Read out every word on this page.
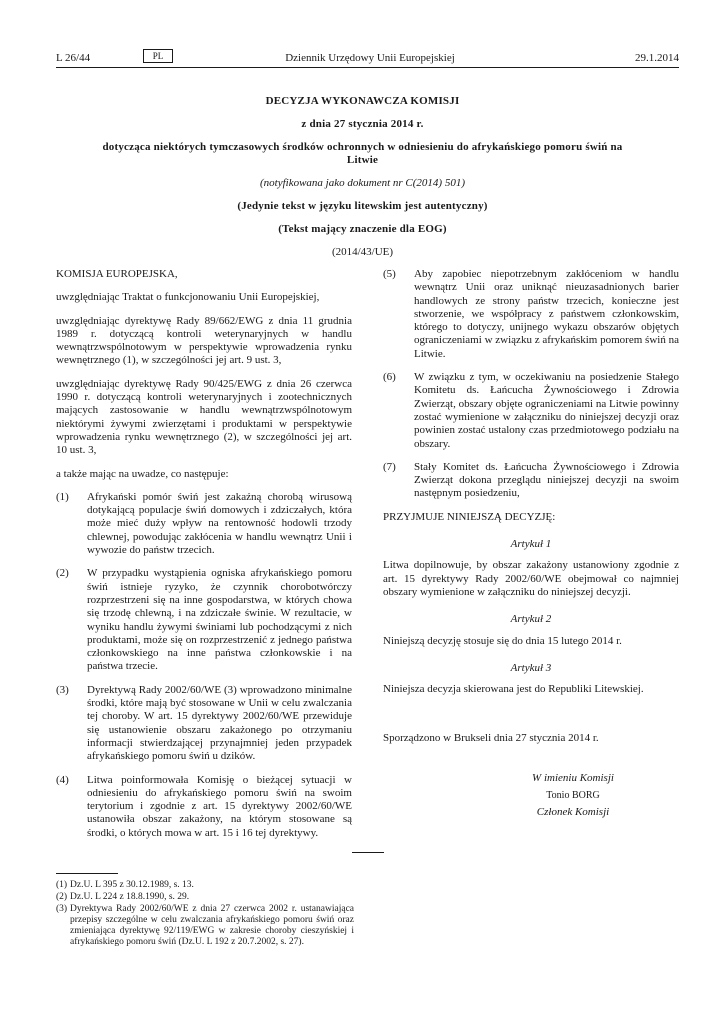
L 26/44	PL	Dziennik Urzędowy Unii Europejskiej	29.1.2014
DECYZJA WYKONAWCZA KOMISJI
z dnia 27 stycznia 2014 r.
dotycząca niektórych tymczasowych środków ochronnych w odniesieniu do afrykańskiego pomoru świń na Litwie
(notyfikowana jako dokument nr C(2014) 501)
(Jedynie tekst w języku litewskim jest autentyczny)
(Tekst mający znaczenie dla EOG)
(2014/43/UE)

KOMISJA EUROPEJSKA,

uwzględniając Traktat o funkcjonowaniu Unii Europejskiej,

uwzględniając dyrektywę Rady 89/662/EWG z dnia 11 grudnia 1989 r. dotyczącą kontroli weterynaryjnych w handlu wewnątrzwspólnotowym w perspektywie wprowadzenia rynku wewnętrznego (1), w szczególności jej art. 9 ust. 3,

uwzględniając dyrektywę Rady 90/425/EWG z dnia 26 czerwca 1990 r. dotyczącą kontroli weterynaryjnych i zootechnicznych mających zastosowanie w handlu wewnątrzwspólnotowym niektórymi żywymi zwierzętami i produktami w perspektywie wprowadzenia rynku wewnętrznego (2), w szczególności jej art. 10 ust. 3,

a także mając na uwadze, co następuje:

(1) Afrykański pomór świń jest zakaźną chorobą wirusową dotykającą populacje świń domowych i zdziczałych, która może mieć duży wpływ na rentowność hodowli trzody chlewnej, powodując zakłócenia w handlu wewnątrz Unii i wywozie do państw trzecich.
(2) W przypadku wystąpienia ogniska afrykańskiego pomoru świń istnieje ryzyko, że czynnik chorobotwórczy rozprzestrzeni się na inne gospodarstwa, w których chowa się trzodę chlewną, i na zdziczałe świnie. W rezultacie, w wyniku handlu żywymi świniami lub pochodzącymi z nich produktami, może się on rozprzestrzenić z jednego państwa członkowskiego na inne państwa członkowskie i na państwa trzecie.
(3) Dyrektywą Rady 2002/60/WE (3) wprowadzono minimalne środki, które mają być stosowane w Unii w celu zwalczania tej choroby. W art. 15 dyrektywy 2002/60/WE przewiduje się ustanowienie obszaru zakażonego po otrzymaniu informacji stwierdzającej przynajmniej jeden przypadek afrykańskiego pomoru świń u dzików.
(4) Litwa poinformowała Komisję o bieżącej sytuacji w odniesieniu do afrykańskiego pomoru świń na swoim terytorium i zgodnie z art. 15 dyrektywy 2002/60/WE ustanowiła obszar zakażony, na którym stosowane są środki, o których mowa w art. 15 i 16 tej dyrektywy.
(5) Aby zapobiec niepotrzebnym zakłóceniom w handlu wewnątrz Unii oraz uniknąć nieuzasadnionych barier handlowych ze strony państw trzecich, konieczne jest stworzenie, we współpracy z państwem członkowskim, którego to dotyczy, unijnego wykazu obszarów objętych ograniczeniami w związku z afrykańskim pomorem świń na Litwie.
(6) W związku z tym, w oczekiwaniu na posiedzenie Stałego Komitetu ds. Łańcucha Żywnościowego i Zdrowia Zwierząt, obszary objęte ograniczeniami na Litwie powinny zostać wymienione w załączniku do niniejszej decyzji oraz powinien zostać ustalony czas przedmiotowego podziału na obszary.
(7) Stały Komitet ds. Łańcucha Żywnościowego i Zdrowia Zwierząt dokona przeglądu niniejszej decyzji na swoim następnym posiedzeniu,

PRZYJMUJE NINIEJSZĄ DECYZJĘ:

Artykuł 1

Litwa dopilnowuje, by obszar zakażony ustanowiony zgodnie z art. 15 dyrektywy Rady 2002/60/WE obejmował co najmniej obszary wymienione w załączniku do niniejszej decyzji.

Artykuł 2

Niniejszą decyzję stosuje się do dnia 15 lutego 2014 r.

Artykuł 3

Niniejsza decyzja skierowana jest do Republiki Litewskiej.

Sporządzono w Brukseli dnia 27 stycznia 2014 r.

W imieniu Komisji
Tonio BORG
Członek Komisji
(1) Dz.U. L 395 z 30.12.1989, s. 13.
(2) Dz.U. L 224 z 18.8.1990, s. 29.
(3) Dyrektywa Rady 2002/60/WE z dnia 27 czerwca 2002 r. ustanawiająca przepisy szczególne w celu zwalczania afrykańskiego pomoru świń oraz zmieniająca dyrektywę 92/119/EWG w zakresie choroby cieszyńskiej i afrykańskiego pomoru świń (Dz.U. L 192 z 20.7.2002, s. 27).
